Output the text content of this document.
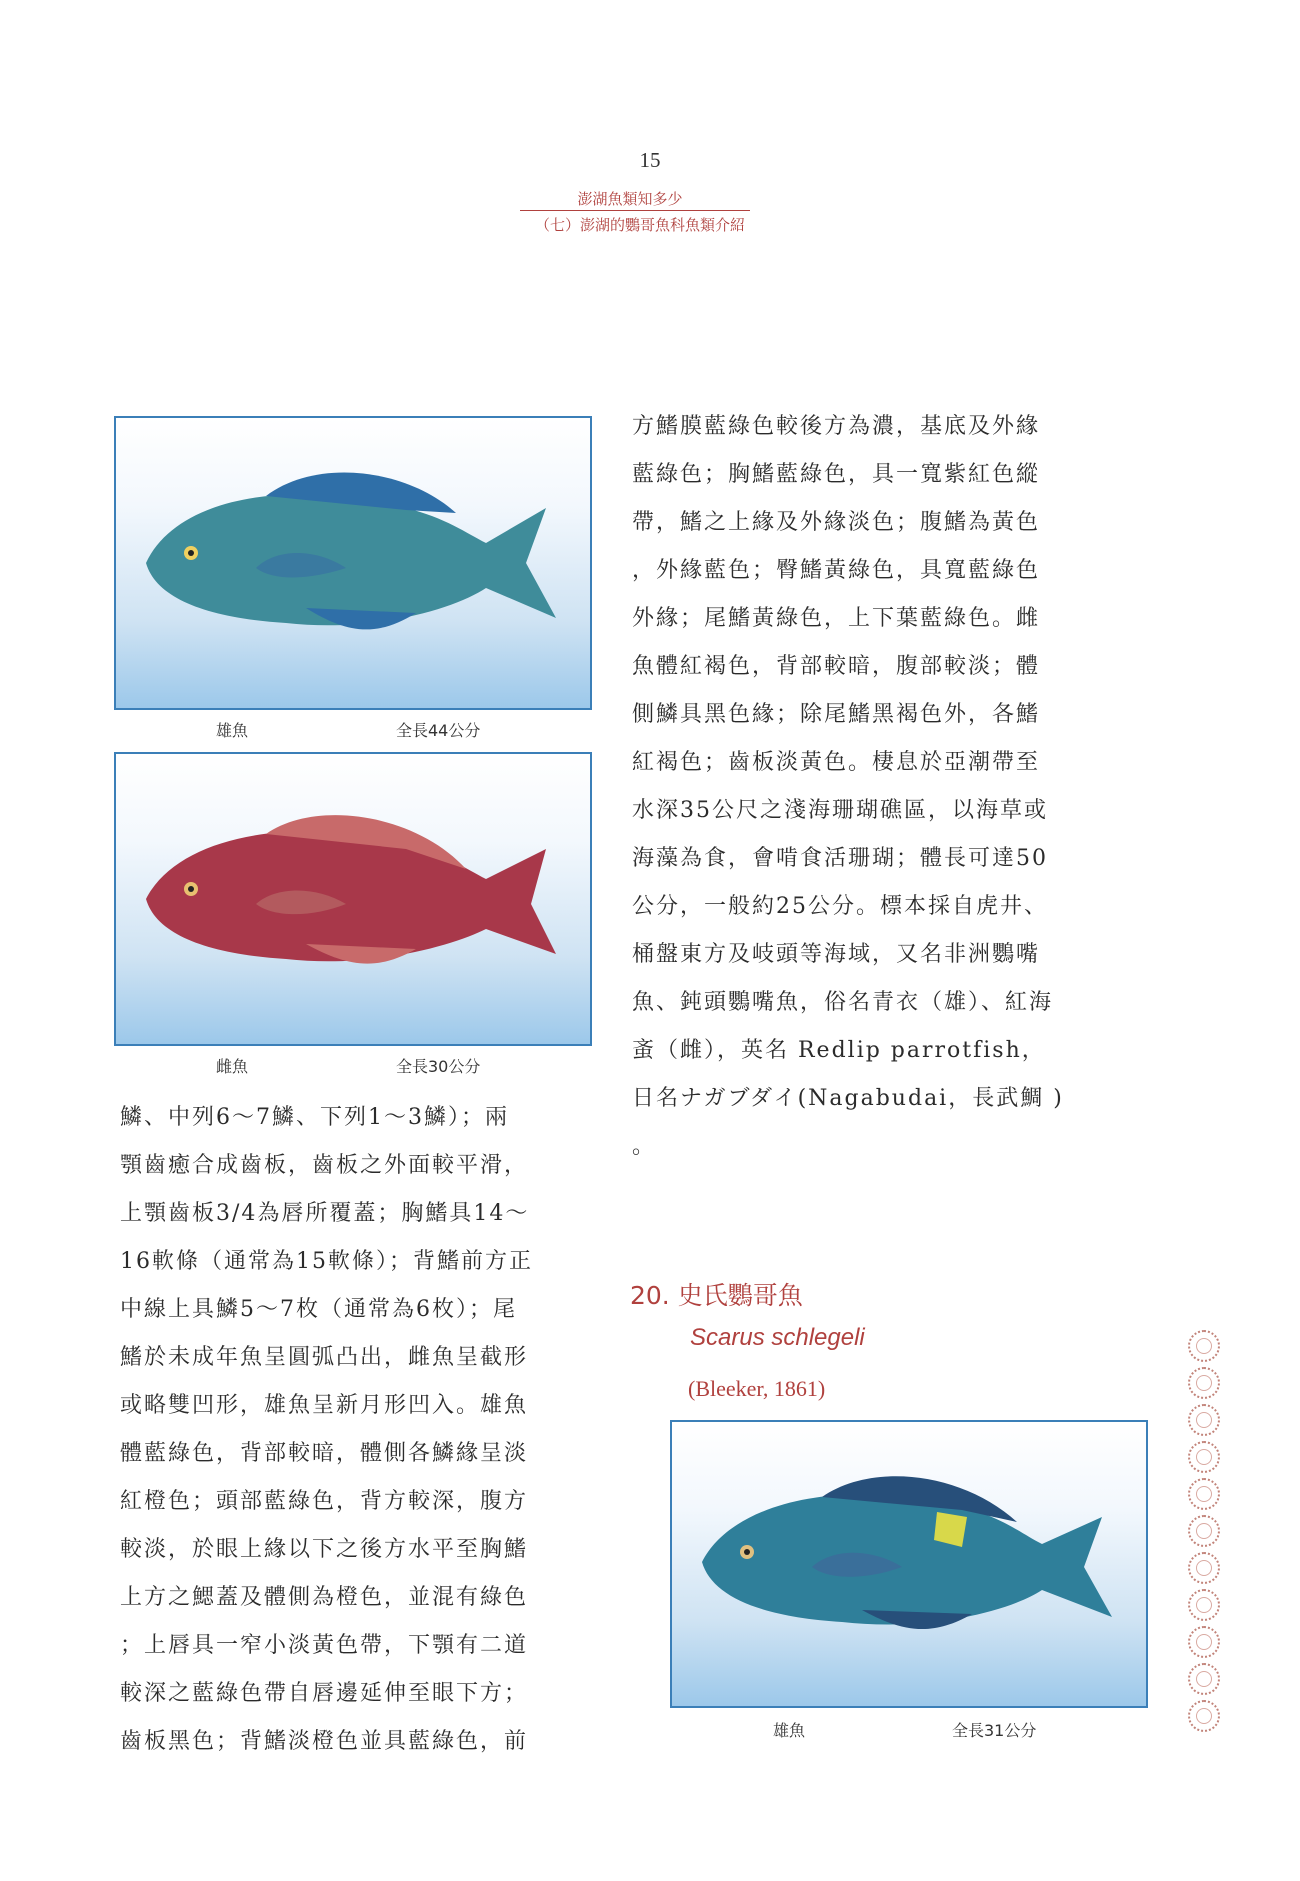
15
澎湖魚類知多少
（七）澎湖的鸚哥魚科魚類介紹
雄魚	全長44公分
雌魚	全長30公分

鱗、中列6～7鱗、下列1～3鱗）；兩

顎齒癒合成齒板，齒板之外面較平滑，

上顎齒板3/4為唇所覆蓋；胸鰭具14～

16軟條（通常為15軟條）；背鰭前方正

中線上具鱗5～7枚（通常為6枚）；尾

鰭於未成年魚呈圓弧凸出，雌魚呈截形

或略雙凹形，雄魚呈新月形凹入。雄魚

體藍綠色，背部較暗，體側各鱗緣呈淡

紅橙色；頭部藍綠色，背方較深，腹方

較淡，於眼上緣以下之後方水平至胸鰭

上方之鰓蓋及體側為橙色，並混有綠色

；上唇具一窄小淡黃色帶，下顎有二道

較深之藍綠色帶自唇邊延伸至眼下方；

齒板黑色；背鰭淡橙色並具藍綠色，前

方鰭膜藍綠色較後方為濃，基底及外緣

藍綠色；胸鰭藍綠色，具一寬紫紅色縱

帶，鰭之上緣及外緣淡色；腹鰭為黃色

，外緣藍色；臀鰭黃綠色，具寬藍綠色

外緣；尾鰭黃綠色，上下葉藍綠色。雌

魚體紅褐色，背部較暗，腹部較淡；體

側鱗具黑色緣；除尾鰭黑褐色外，各鰭

紅褐色；齒板淡黃色。棲息於亞潮帶至

水深35公尺之淺海珊瑚礁區，以海草或

海藻為食，會啃食活珊瑚；體長可達50

公分，一般約25公分。標本採自虎井、

桶盤東方及岐頭等海域，又名非洲鸚嘴

魚、鈍頭鸚嘴魚，俗名青衣（雄）、紅海

蚉（雌），英名 Redlip parrotfish，

日名ナガブダイ(Nagabudai，長武鯛 )

。

20. 史氏鸚哥魚
Scarus schlegeli
(Bleeker, 1861)
雄魚	全長31公分
